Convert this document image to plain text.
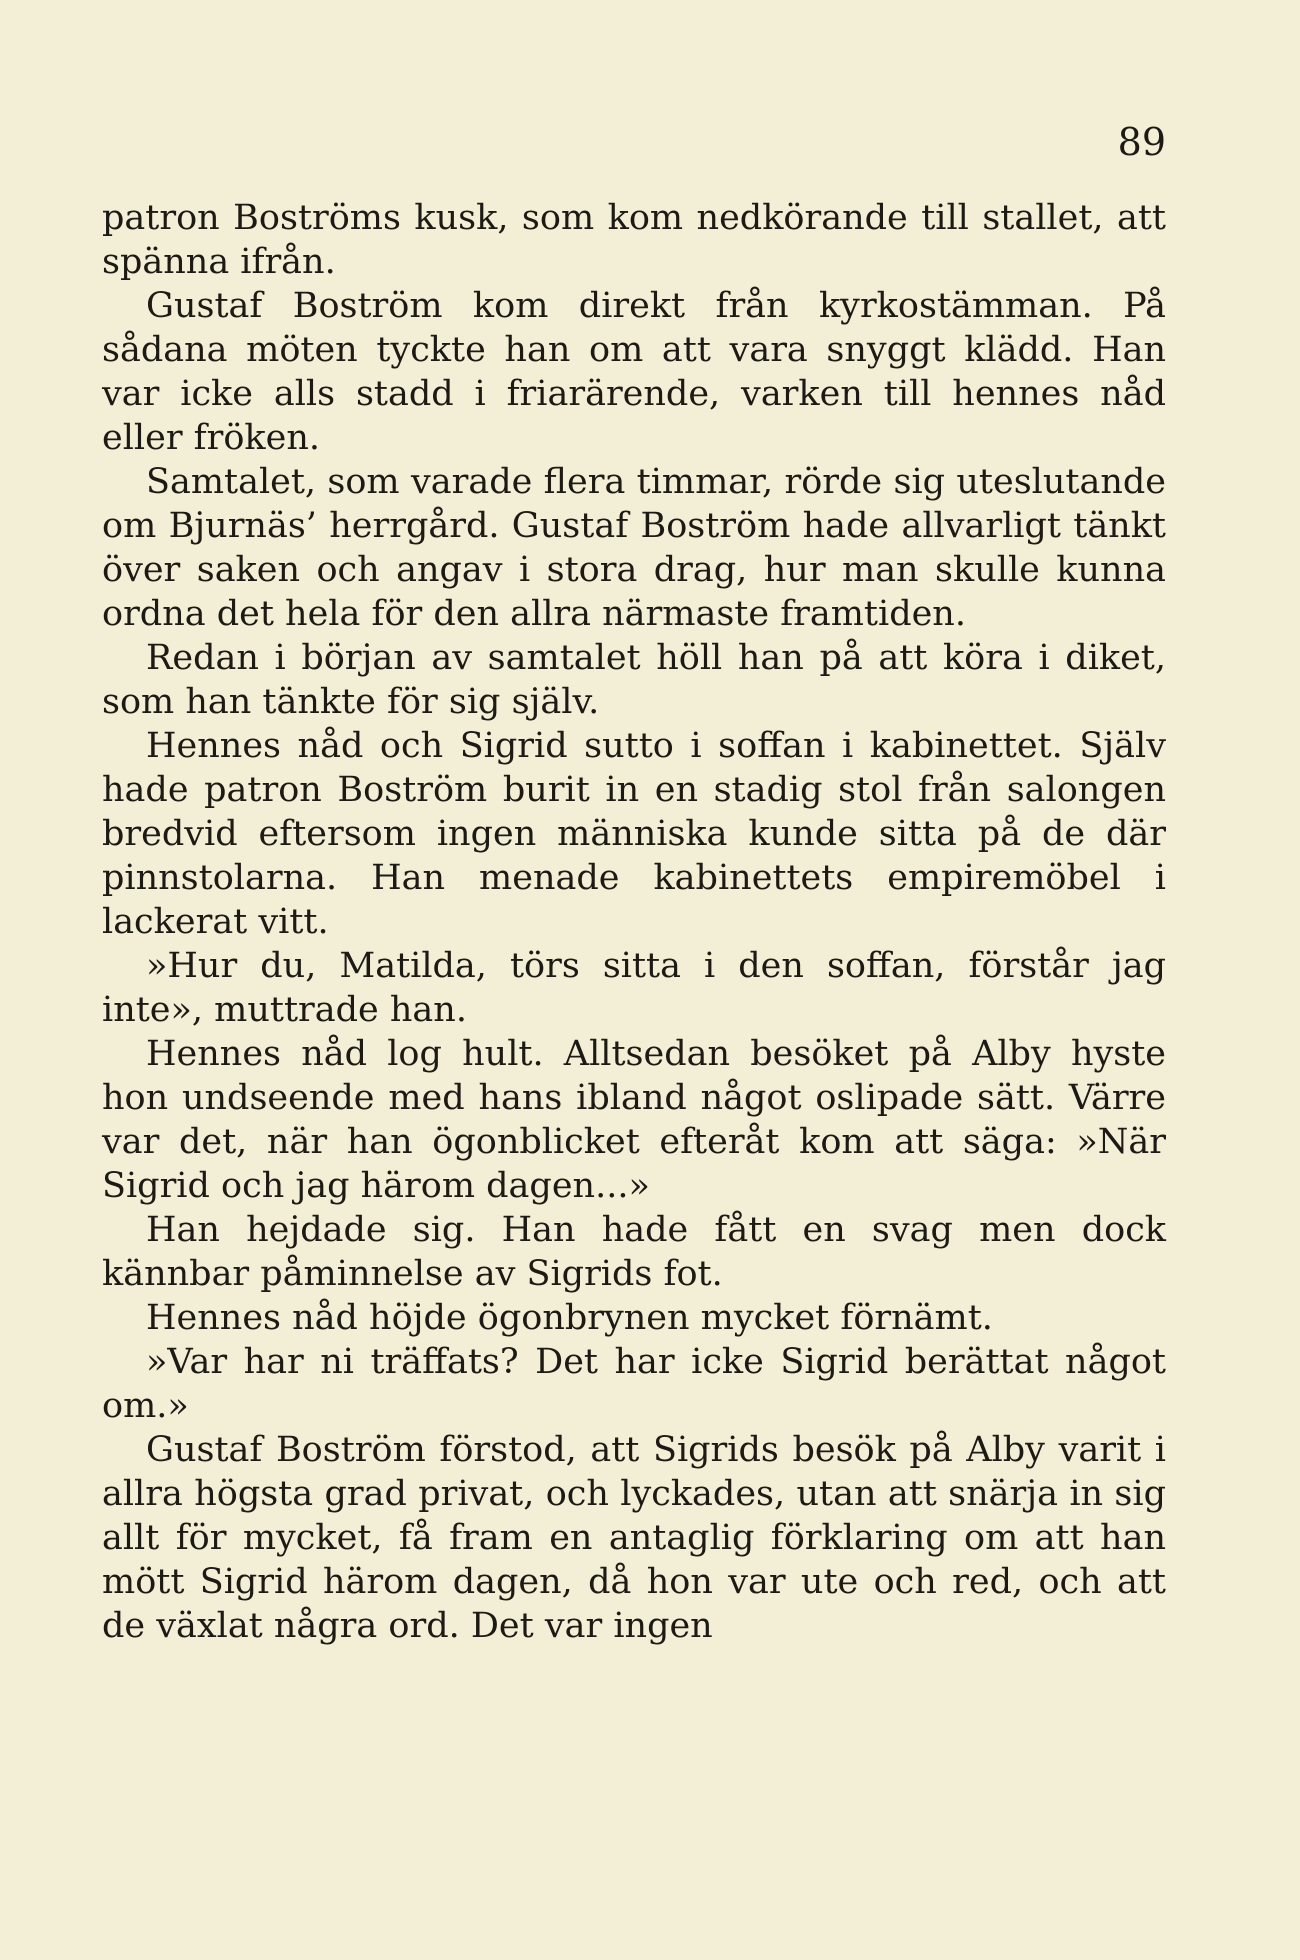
89

patron Boströms kusk, som kom nedkörande till stallet, att spänna ifrån.

Gustaf Boström kom direkt från kyrkostämman. På sådana möten tyckte han om att vara snyggt klädd. Han var icke alls stadd i friarärende, varken till hennes nåd eller fröken.

Samtalet, som varade flera timmar, rörde sig uteslutande om Bjurnäs’ herrgård. Gustaf Boström hade allvarligt tänkt över saken och angav i stora drag, hur man skulle kunna ordna det hela för den allra närmaste framtiden.

Redan i början av samtalet höll han på att köra i diket, som han tänkte för sig själv.

Hennes nåd och Sigrid sutto i soffan i kabinettet. Själv hade patron Boström burit in en stadig stol från salongen bredvid eftersom ingen människa kunde sitta på de där pinnstolarna. Han menade kabinettets empiremöbel i lackerat vitt.

»Hur du, Matilda, törs sitta i den soffan, förstår jag inte», muttrade han.

Hennes nåd log hult. Alltsedan besöket på Alby hyste hon undseende med hans ibland något oslipade sätt. Värre var det, när han ögonblicket efteråt kom att säga: »När Sigrid och jag härom dagen...»

Han hejdade sig. Han hade fått en svag men dock kännbar påminnelse av Sigrids fot.

Hennes nåd höjde ögonbrynen mycket förnämt.

»Var har ni träffats? Det har icke Sigrid berättat något om.»

Gustaf Boström förstod, att Sigrids besök på Alby varit i allra högsta grad privat, och lyckades, utan att snärja in sig allt för mycket, få fram en antaglig förklaring om att han mött Sigrid härom dagen, då hon var ute och red, och att de växlat några ord. Det var ingen
